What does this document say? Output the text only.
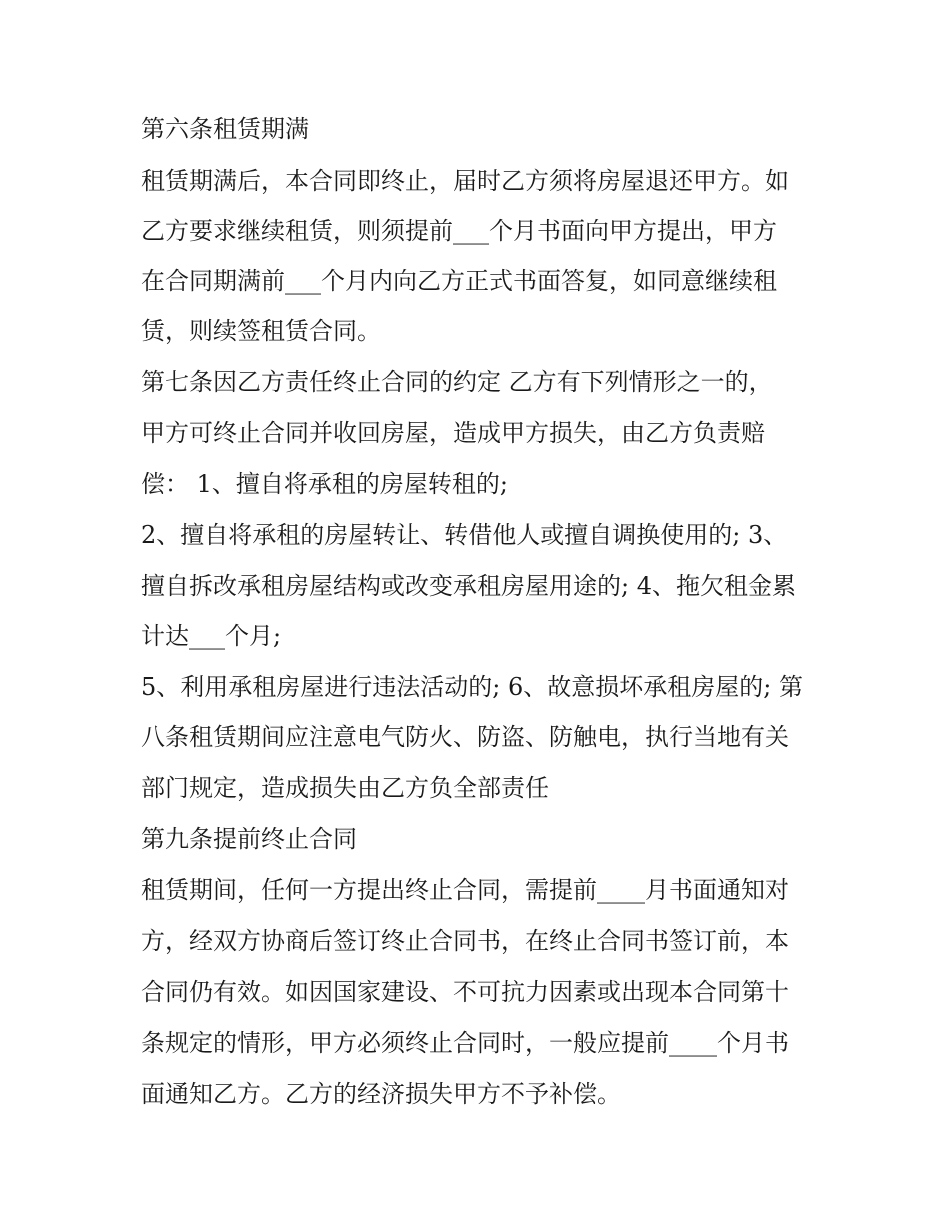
第六条租赁期满
租赁期满后，本合同即终止，届时乙方须将房屋退还甲方。如
乙方要求继续租赁，则须提前___个月书面向甲方提出，甲方
在合同期满前___个月内向乙方正式书面答复，如同意继续租
赁，则续签租赁合同。
第七条因乙方责任终止合同的约定 乙方有下列情形之一的，
甲方可终止合同并收回房屋，造成甲方损失，由乙方负责赔
偿： 1、擅自将承租的房屋转租的;
2、擅自将承租的房屋转让、转借他人或擅自调换使用的; 3、
擅自拆改承租房屋结构或改变承租房屋用途的; 4、拖欠租金累
计达___个月;
5、利用承租房屋进行违法活动的; 6、故意损坏承租房屋的; 第
八条租赁期间应注意电气防火、防盗、防触电，执行当地有关
部门规定，造成损失由乙方负全部责任
第九条提前终止合同
租赁期间，任何一方提出终止合同，需提前____月书面通知对
方，经双方协商后签订终止合同书，在终止合同书签订前，本
合同仍有效。如因国家建设、不可抗力因素或出现本合同第十
条规定的情形，甲方必须终止合同时，一般应提前____个月书
面通知乙方。乙方的经济损失甲方不予补偿。
